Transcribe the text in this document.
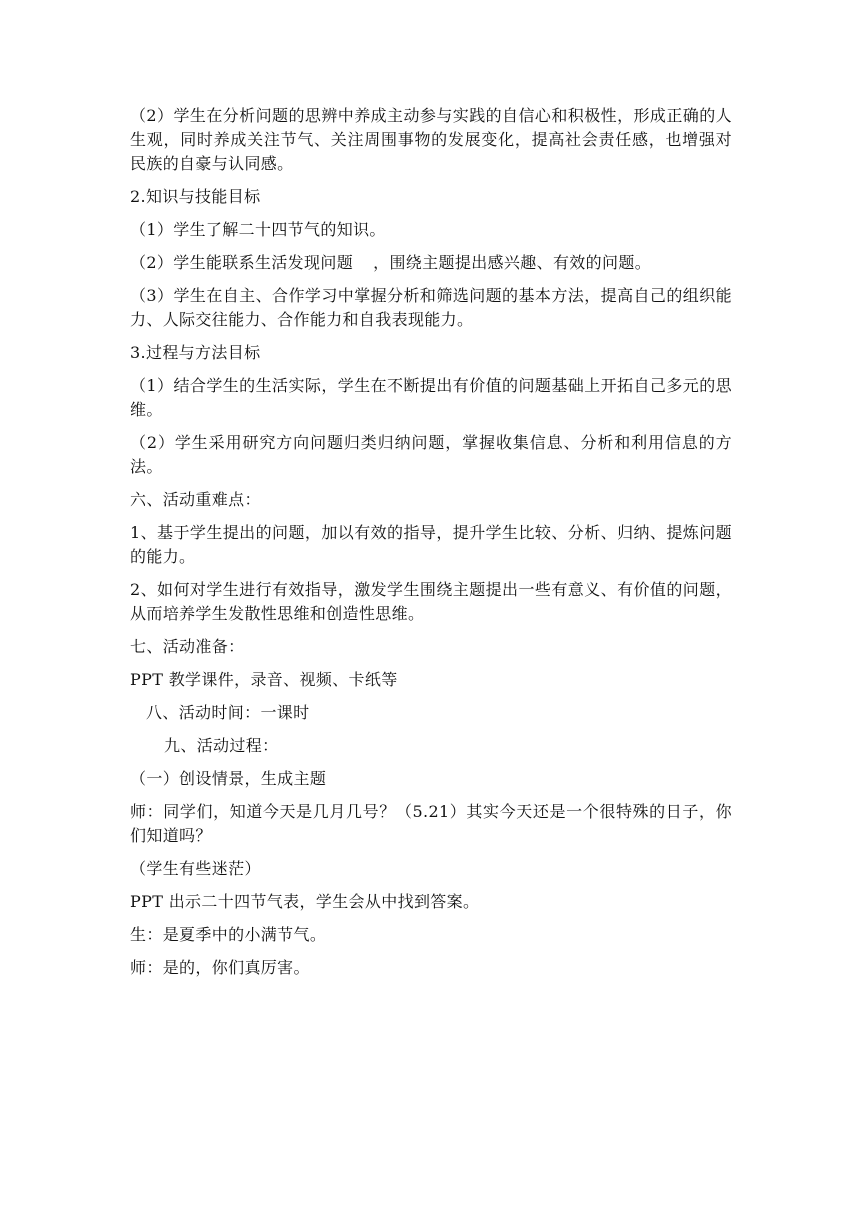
（2）学生在分析问题的思辨中养成主动参与实践的自信心和积极性，形成正确的人生观，同时养成关注节气、关注周围事物的发展变化，提高社会责任感，也增强对民族的自豪与认同感。

2.知识与技能目标

（1）学生了解二十四节气的知识。

（2）学生能联系生活发现问题 ，围绕主题提出感兴趣、有效的问题。

（3）学生在自主、合作学习中掌握分析和筛选问题的基本方法，提高自己的组织能力、人际交往能力、合作能力和自我表现能力。

3.过程与方法目标

（1）结合学生的生活实际，学生在不断提出有价值的问题基础上开拓自己多元的思维。

（2）学生采用研究方向问题归类归纳问题，掌握收集信息、分析和利用信息的方法。

六、活动重难点：

1、基于学生提出的问题，加以有效的指导，提升学生比较、分析、归纳、提炼问题的能力。

2、如何对学生进行有效指导，激发学生围绕主题提出一些有意义、有价值的问题，从而培养学生发散性思维和创造性思维。

七、活动准备：

PPT 教学课件，录音、视频、卡纸等

八、活动时间：一课时

九、活动过程：

（一）创设情景，生成主题

师：同学们，知道今天是几月几号？（5.21）其实今天还是一个很特殊的日子，你们知道吗？

（学生有些迷茫）

PPT 出示二十四节气表，学生会从中找到答案。

生：是夏季中的小满节气。

师：是的，你们真厉害。
